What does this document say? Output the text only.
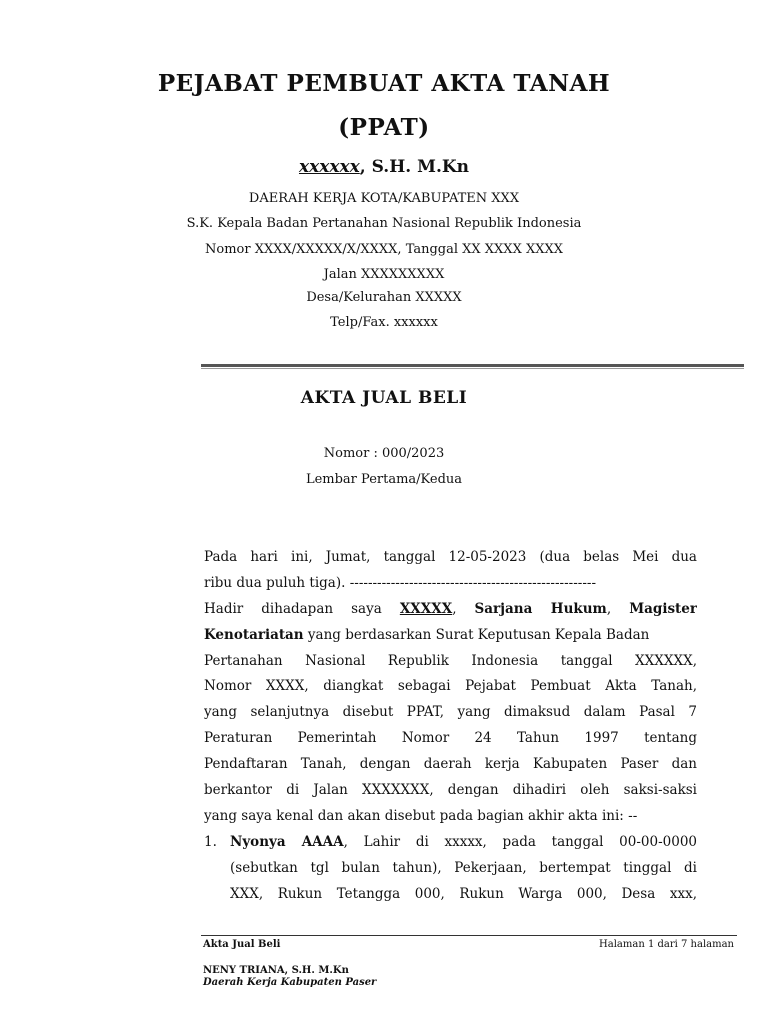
PEJABAT PEMBUAT AKTA TANAH
(PPAT)
xxxxxx, S.H. M.Kn
DAERAH KERJA KOTA/KABUPATEN XXX
S.K. Kepala Badan Pertanahan Nasional Republik Indonesia
Nomor XXXX/XXXXX/X/XXXX, Tanggal XX XXXX XXXX
Jalan XXXXXXXXX
Desa/Kelurahan XXXXX
Telp/Fax. xxxxxx
AKTA JUAL BELI
Nomor : 000/2023
Lembar Pertama/Kedua
Pada hari ini, Jumat, tanggal 12-05-2023 (dua belas Mei dua
ribu dua puluh tiga). ------------------------------------------------------
Hadir dihadapan saya XXXXX, Sarjana Hukum, Magister
Kenotariatan yang berdasarkan Surat Keputusan Kepala Badan
Pertanahan Nasional Republik Indonesia tanggal XXXXXX,
Nomor XXXX, diangkat sebagai Pejabat Pembuat Akta Tanah,
yang selanjutnya disebut PPAT, yang dimaksud dalam Pasal 7
Peraturan Pemerintah Nomor 24 Tahun 1997 tentang
Pendaftaran Tanah, dengan daerah kerja Kabupaten Paser dan
berkantor di Jalan XXXXXXX, dengan dihadiri oleh saksi-saksi
yang saya kenal dan akan disebut pada bagian akhir akta ini: --
1. Nyonya AAAA, Lahir di xxxxx, pada tanggal 00-00-0000
(sebutkan tgl bulan tahun), Pekerjaan, bertempat tinggal di
XXX, Rukun Tetangga 000, Rukun Warga 000, Desa xxx,
Akta Jual Beli	Halaman 1 dari 7 halaman
NENY TRIANA, S.H. M.Kn
Daerah Kerja Kabupaten Paser
